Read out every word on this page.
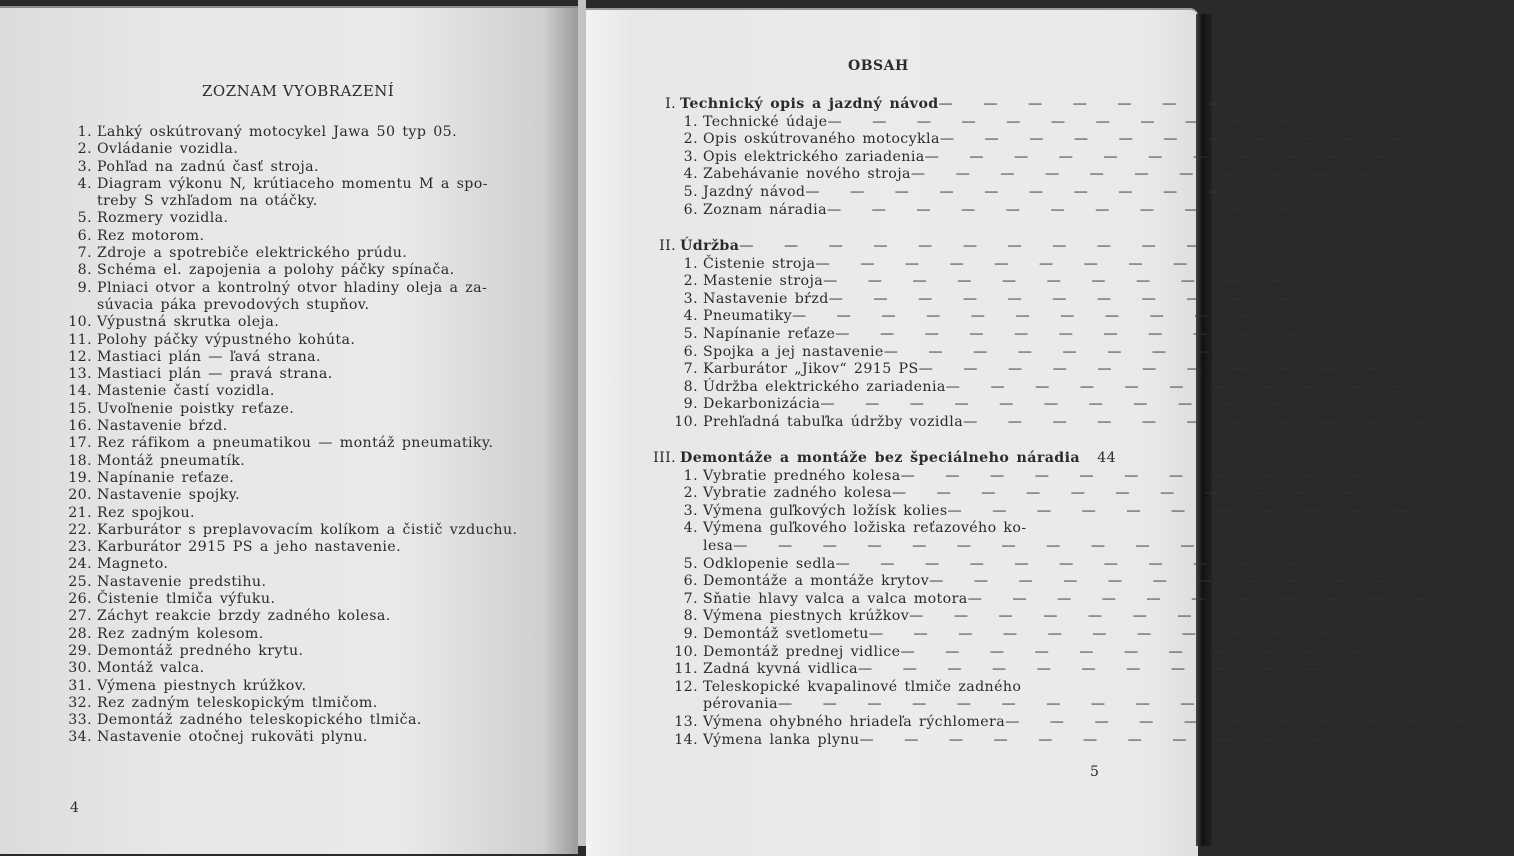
ZOZNAM VYOBRAZENÍ
1. Ľahký oskútrovaný motocykel Jawa 50 typ 05.
2. Ovládanie vozidla.
3. Pohľad na zadnú časť stroja.
4. Diagram výkonu N, krútiaceho momentu M a spo-
treby S vzhľadom na otáčky.
5. Rozmery vozidla.
6. Rez motorom.
7. Zdroje a spotrebiče elektrického prúdu.
8. Schéma el. zapojenia a polohy páčky spínača.
9. Plniaci otvor a kontrolný otvor hladiny oleja a za-
súvacia páka prevodových stupňov.
10. Výpustná skrutka oleja.
11. Polohy páčky výpustného kohúta.
12. Mastiaci plán — ľavá strana.
13. Mastiaci plán — pravá strana.
14. Mastenie častí vozidla.
15. Uvoľnenie poistky reťaze.
16. Nastavenie bŕzd.
17. Rez ráfikom a pneumatikou — montáž pneumatiky.
18. Montáž pneumatík.
19. Napínanie reťaze.
20. Nastavenie spojky.
21. Rez spojkou.
22. Karburátor s preplavovacím kolíkom a čistič vzduchu.
23. Karburátor 2915 PS a jeho nastavenie.
24. Magneto.
25. Nastavenie predstihu.
26. Čistenie tlmiča výfuku.
27. Záchyt reakcie brzdy zadného kolesa.
28. Rez zadným kolesom.
29. Demontáž predného krytu.
30. Montáž valca.
31. Výmena piestnych krúžkov.
32. Rez zadným teleskopickým tlmičom.
33. Demontáž zadného teleskopického tlmiča.
34. Nastavenie otočnej rukoväti plynu.
4
OBSAH
I. Technický opis a jazdný návod — — — — — — — — — — —	7
1. Technické údaje — — — — — — — — — — —	7
2. Opis oskútrovaného motocykla — — — — — — — — — — —	8
3. Opis elektrického zariadenia — — — — — — — — — — —	14
4. Zabehávanie nového stroja — — — — — — — — — — —	18
5. Jazdný návod — — — — — — — — — — —	20
6. Zoznam náradia — — — — — — — — — — —	24
II. Údržba — — — — — — — — — — —	24
1. Čistenie stroja — — — — — — — — — — —	24
2. Mastenie stroja — — — — — — — — — — —	25
3. Nastavenie bŕzd — — — — — — — — — — —	30
4. Pneumatiky — — — — — — — — — — —	30
5. Napínanie reťaze — — — — — — — — — — —	33
6. Spojka a jej nastavenie — — — — — — — — — — —	34
7. Karburátor „Jikov“ 2915 PS — — — — — — — — — — —	36
8. Údržba elektrického zariadenia — — — — — — — — — — —	37
9. Dekarbonizácia — — — — — — — — — — —	40
10. Prehľadná tabuľka údržby vozidla — — — — — — — — — — —	42
III. Demontáže a montáže bez špeciálneho náradia	44
1. Vybratie predného kolesa — — — — — — — — — — —	44
2. Vybratie zadného kolesa — — — — — — — — — — —	44
3. Výmena guľkových ložísk kolies — — — — — — — — — — —	45
4. Výmena guľkového ložiska reťazového ko-
lesa — — — — — — — — — — —	47
5. Odklopenie sedla — — — — — — — — — — —	47
6. Demontáže a montáže krytov — — — — — — — — — — —	47
7. Sňatie hlavy valca a valca motora — — — — — — — — — — —	49
8. Výmena piestnych krúžkov — — — — — — — — — — —	50
9. Demontáž svetlometu — — — — — — — — — — —	51
10. Demontáž prednej vidlice — — — — — — — — — — —	53
11. Zadná kyvná vidlica — — — — — — — — — — —	53
12. Teleskopické kvapalinové tlmiče zadného
pérovania — — — — — — — — — — —	54
13. Výmena ohybného hriadeľa rýchlomera — — — — — — — — — — —	56
14. Výmena lanka plynu — — — — — — — — — — —	57
5
